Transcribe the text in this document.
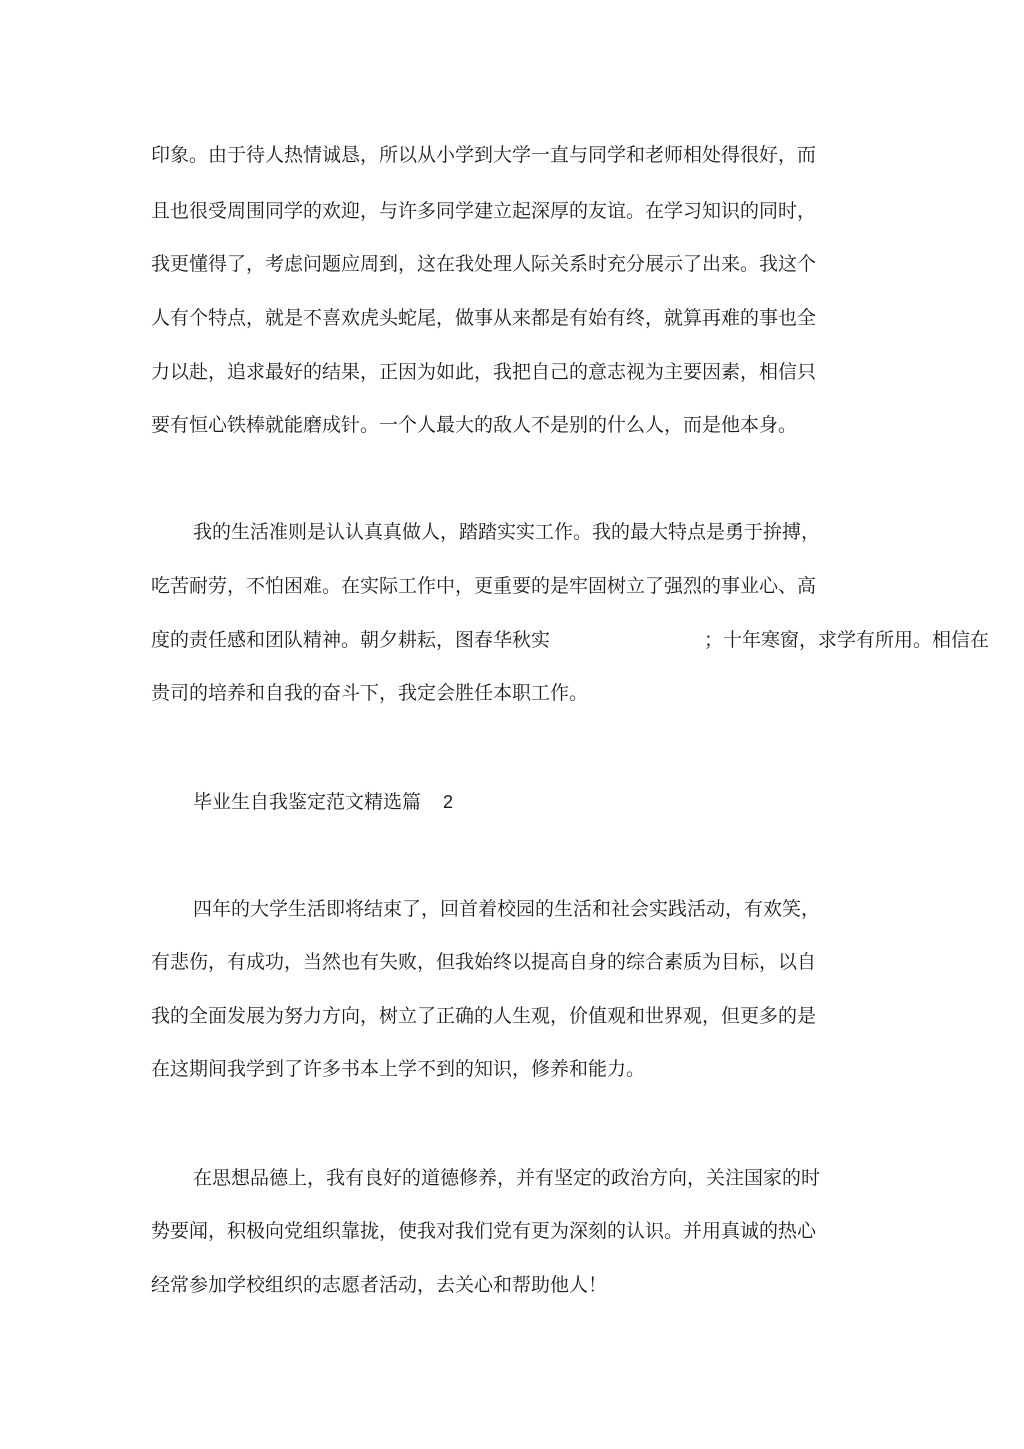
印象。由于待人热情诚恳，所以从小学到大学一直与同学和老师相处得很好，而
且也很受周围同学的欢迎，与许多同学建立起深厚的友谊。在学习知识的同时，
我更懂得了，考虑问题应周到，这在我处理人际关系时充分展示了出来。我这个
人有个特点，就是不喜欢虎头蛇尾，做事从来都是有始有终，就算再难的事也全
力以赴，追求最好的结果，正因为如此，我把自己的意志视为主要因素，相信只
要有恒心铁棒就能磨成针。一个人最大的敌人不是别的什么人，而是他本身。
我的生活准则是认认真真做人，踏踏实实工作。我的最大特点是勇于拚搏，
吃苦耐劳，不怕困难。在实际工作中，更重要的是牢固树立了强烈的事业心、高
度的责任感和团队精神。朝夕耕耘，图春华秋实	；十年寒窗，求学有所用。相信在
贵司的培养和自我的奋斗下，我定会胜任本职工作。
毕业生自我鉴定范文精选篇 2
四年的大学生活即将结束了，回首着校园的生活和社会实践活动，有欢笑，
有悲伤，有成功，当然也有失败，但我始终以提高自身的综合素质为目标，以自
我的全面发展为努力方向，树立了正确的人生观，价值观和世界观，但更多的是
在这期间我学到了许多书本上学不到的知识，修养和能力。
在思想品德上，我有良好的道德修养，并有坚定的政治方向，关注国家的时
势要闻，积极向党组织靠拢，使我对我们党有更为深刻的认识。并用真诚的热心
经常参加学校组织的志愿者活动，去关心和帮助他人！
